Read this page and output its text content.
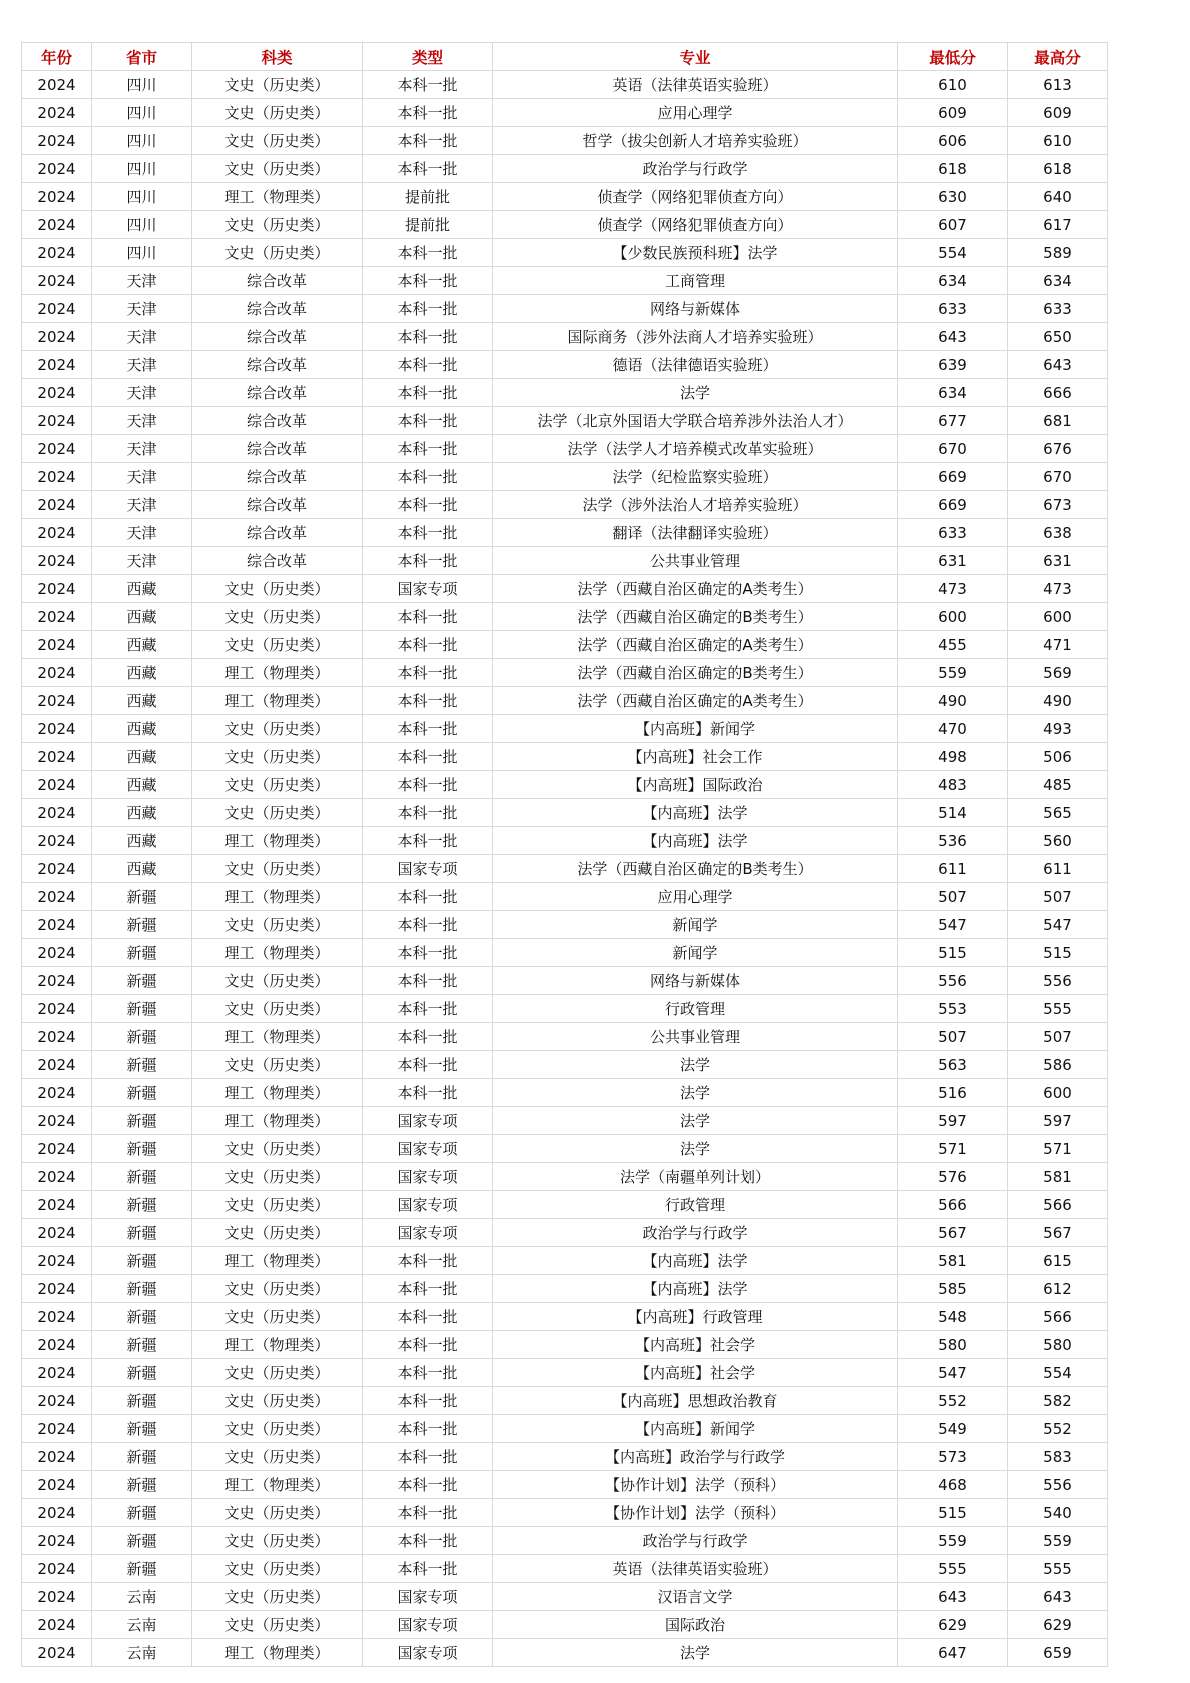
年份	省市	科类	类型	专业	最低分	最高分
2024	四川	文史（历史类）	本科一批	英语（法律英语实验班）	610	613
2024	四川	文史（历史类）	本科一批	应用心理学	609	609
2024	四川	文史（历史类）	本科一批	哲学（拔尖创新人才培养实验班）	606	610
2024	四川	文史（历史类）	本科一批	政治学与行政学	618	618
2024	四川	理工（物理类）	提前批	侦查学（网络犯罪侦查方向）	630	640
2024	四川	文史（历史类）	提前批	侦查学（网络犯罪侦查方向）	607	617
2024	四川	文史（历史类）	本科一批	【少数民族预科班】法学	554	589
2024	天津	综合改革	本科一批	工商管理	634	634
2024	天津	综合改革	本科一批	网络与新媒体	633	633
2024	天津	综合改革	本科一批	国际商务（涉外法商人才培养实验班）	643	650
2024	天津	综合改革	本科一批	德语（法律德语实验班）	639	643
2024	天津	综合改革	本科一批	法学	634	666
2024	天津	综合改革	本科一批	法学（北京外国语大学联合培养涉外法治人才）	677	681
2024	天津	综合改革	本科一批	法学（法学人才培养模式改革实验班）	670	676
2024	天津	综合改革	本科一批	法学（纪检监察实验班）	669	670
2024	天津	综合改革	本科一批	法学（涉外法治人才培养实验班）	669	673
2024	天津	综合改革	本科一批	翻译（法律翻译实验班）	633	638
2024	天津	综合改革	本科一批	公共事业管理	631	631
2024	西藏	文史（历史类）	国家专项	法学（西藏自治区确定的A类考生）	473	473
2024	西藏	文史（历史类）	本科一批	法学（西藏自治区确定的B类考生）	600	600
2024	西藏	文史（历史类）	本科一批	法学（西藏自治区确定的A类考生）	455	471
2024	西藏	理工（物理类）	本科一批	法学（西藏自治区确定的B类考生）	559	569
2024	西藏	理工（物理类）	本科一批	法学（西藏自治区确定的A类考生）	490	490
2024	西藏	文史（历史类）	本科一批	【内高班】新闻学	470	493
2024	西藏	文史（历史类）	本科一批	【内高班】社会工作	498	506
2024	西藏	文史（历史类）	本科一批	【内高班】国际政治	483	485
2024	西藏	文史（历史类）	本科一批	【内高班】法学	514	565
2024	西藏	理工（物理类）	本科一批	【内高班】法学	536	560
2024	西藏	文史（历史类）	国家专项	法学（西藏自治区确定的B类考生）	611	611
2024	新疆	理工（物理类）	本科一批	应用心理学	507	507
2024	新疆	文史（历史类）	本科一批	新闻学	547	547
2024	新疆	理工（物理类）	本科一批	新闻学	515	515
2024	新疆	文史（历史类）	本科一批	网络与新媒体	556	556
2024	新疆	文史（历史类）	本科一批	行政管理	553	555
2024	新疆	理工（物理类）	本科一批	公共事业管理	507	507
2024	新疆	文史（历史类）	本科一批	法学	563	586
2024	新疆	理工（物理类）	本科一批	法学	516	600
2024	新疆	理工（物理类）	国家专项	法学	597	597
2024	新疆	文史（历史类）	国家专项	法学	571	571
2024	新疆	文史（历史类）	国家专项	法学（南疆单列计划）	576	581
2024	新疆	文史（历史类）	国家专项	行政管理	566	566
2024	新疆	文史（历史类）	国家专项	政治学与行政学	567	567
2024	新疆	理工（物理类）	本科一批	【内高班】法学	581	615
2024	新疆	文史（历史类）	本科一批	【内高班】法学	585	612
2024	新疆	文史（历史类）	本科一批	【内高班】行政管理	548	566
2024	新疆	理工（物理类）	本科一批	【内高班】社会学	580	580
2024	新疆	文史（历史类）	本科一批	【内高班】社会学	547	554
2024	新疆	文史（历史类）	本科一批	【内高班】思想政治教育	552	582
2024	新疆	文史（历史类）	本科一批	【内高班】新闻学	549	552
2024	新疆	文史（历史类）	本科一批	【内高班】政治学与行政学	573	583
2024	新疆	理工（物理类）	本科一批	【协作计划】法学（预科）	468	556
2024	新疆	文史（历史类）	本科一批	【协作计划】法学（预科）	515	540
2024	新疆	文史（历史类）	本科一批	政治学与行政学	559	559
2024	新疆	文史（历史类）	本科一批	英语（法律英语实验班）	555	555
2024	云南	文史（历史类）	国家专项	汉语言文学	643	643
2024	云南	文史（历史类）	国家专项	国际政治	629	629
2024	云南	理工（物理类）	国家专项	法学	647	659
